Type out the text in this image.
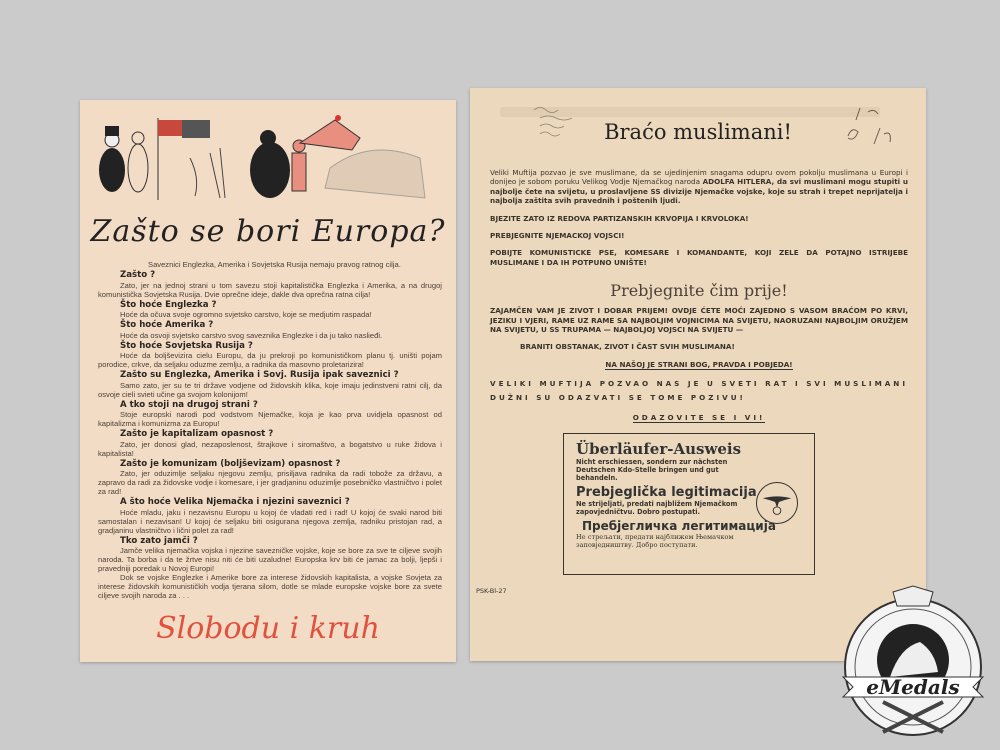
Zašto se bori Europa?
Saveznici Englezka, Amerika i Sovjetska Rusija nemaju pravog ratnog cilja.
Zašto ?
Zato, jer na jednoj strani u tom savezu stoji kapitalistička Englezka i Amerika, a na drugoj komunistička Sovjetska Rusija. Dvie oprečne ideje, dakle dva oprečna ratna cilja!
Što hoće Englezka ?
Hoće da očuva svoje ogromno svjetsko carstvo, koje se medjutim raspada!
Što hoće Amerika ?
Hoće da osvoji svjetsko carstvo svog saveznika Englezke i da ju tako naslieđi.
Što hoće Sovjetska Rusija ?
Hoće da boljševizira cielu Europu, da ju prekroji po komunističkom planu tj. uništi pojam porodice, crkve, da seljaku oduzme zemlju, a radnika da masovno proletarizira!
Zašto su Englezka, Amerika i Sovj. Rusija ipak saveznici ?
Samo zato, jer su te tri države vodjene od židovskih klika, koje imaju jedinstveni ratni cilj, da osvoje cieli svieti učine ga svojom kolonijom!
A tko stoji na drugoj strani ?
Stoje europski narodi pod vodstvom Njemačke, koja je kao prva uvidjela opasnost od kapitalizma i komunizma za Europu!
Zašto je kapitalizam opasnost ?
Zato, jer donosi glad, nezaposlenost, štrajkove i siromaštvo, a bogatstvo u ruke židova i kapitalista!
Zašto je komunizam (boljševizam) opasnost ?
Zato, jer oduzimlje seljaku njegovu zemlju, prisiljava radnika da radi tobože za državu, a zapravo da radi za židovske vodje i komesare, i jer gradjaninu oduzimlje posebničko vlastničtvo i polet za rad!
A što hoće Velika Njemačka i njezini saveznici ?
Hoće mladu, jaku i nezavisnu Europu u kojoj će vladati red i rad! U kojoj će svaki narod biti samostalan i nezavisan! U kojoj će seljaku biti osigurana njegova zemlja, radniku pristojan rad, a gradjaninu vlastničtvo i lični polet za rad!
Tko zato jamči ?
Jamče velika njemačka vojska i njezine savezničke vojske, koje se bore za sve te ciljeve svojih naroda. Ta borba i da te žrtve nisu niti će biti uzaludne! Europska krv biti će jamac za bolji, ljepši i pravedniji poredak u Novoj Europi!
Dok se vojske Englezke i Amerike bore za interese židovskih kapitalista, a vojske Sovjeta za interese židovskih komunističkih vodja tjerana silom, dotle se mlade europske vojske bore za svete ciljeve svojih naroda za . . .
Slobodu i kruh
Braćo muslimani!

Veliki Muftija pozvao je sve muslimane, da se ujedinjenim snagama odupru ovom pokolju muslimana u Europi i donijeo je sobom poruku Velikog Vodje Njemačkog naroda ADOLFA HITLERA, da svi muslimani mogu stupiti u najbolje čete na svijetu, u proslavljene SS divizije Njemačke vojske, koje su strah i trepet neprijatelja i najbolja zaštita svih pravednih i poštenih ljudi.

BJEZITE ZATO IZ REDOVA PARTIZANSKIH KRVOPIJA I KRVOLOKA!

PREBJEGNITE NJEMACKOJ VOJSCI!

POBIJTE KOMUNISTICKE PSE, KOMESARE I KOMANDANTE, KOJI ZELE DA POTAJNO ISTRIJEBE MUSLIMANE I DA IH POTPUNO UNIŠTE!

Prebjegnite čim prije!

ZAJAMČEN VAM JE ZIVOT I DOBAR PRIJEM! OVDJE ĆETE MOĆI ZAJEDNO S VASOM BRAĆOM PO KRVI, JEZIKU I VJERI, RAME UZ RAME SA NAJBOLJIM VOJNICIMA NA SVIJETU, NAORUZANI NAJBOLJIM ORUŽJEM NA SVIJETU, U SS TRUPAMA — NAJBOLJOJ VOJSCI NA SVIJETU —

BRANITI OBSTANAK, ZIVOT I ČAST SVIH MUSLIMANA!

NA NAŠOJ JE STRANI BOG, PRAVDA I POBJEDA!

VELIKI MUFTIJA POZVAO NAS JE U SVETI RAT I SVI MUSLIMANI DUŽNI SU ODAZVATI SE TOME POZIVU!

ODAZOVITE SE I VI!

Überläufer-Ausweis
Nicht erschiessen, sondern zur nächsten Deutschen Kdo-Stelle bringen und gut behandeln.
Prebjeglička legitimacija
Ne strijeljati, predati najbližem Njemačkom zapovjedničtvu. Dobro postupati.
Пребјегличка легитимација
Не стрељати, предати најближем Њемачком заповједништву. Добро поступати.
PSK-Bl-27
eMedals
